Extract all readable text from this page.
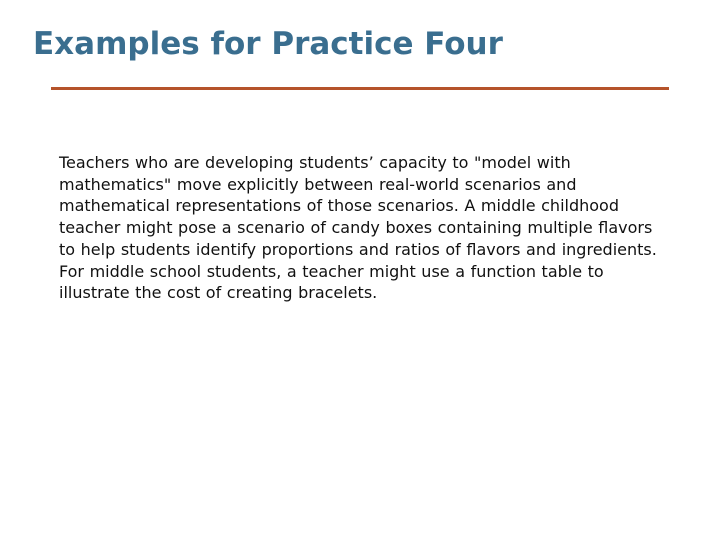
Examples for Practice Four

Teachers who are developing students’ capacity to "model with mathematics" move explicitly between real-world scenarios and mathematical representations of those scenarios. A middle childhood teacher might pose a scenario of candy boxes containing multiple flavors to help students identify proportions and ratios of flavors and ingredients. For middle school students, a teacher might use a function table to illustrate the cost of creating bracelets.
